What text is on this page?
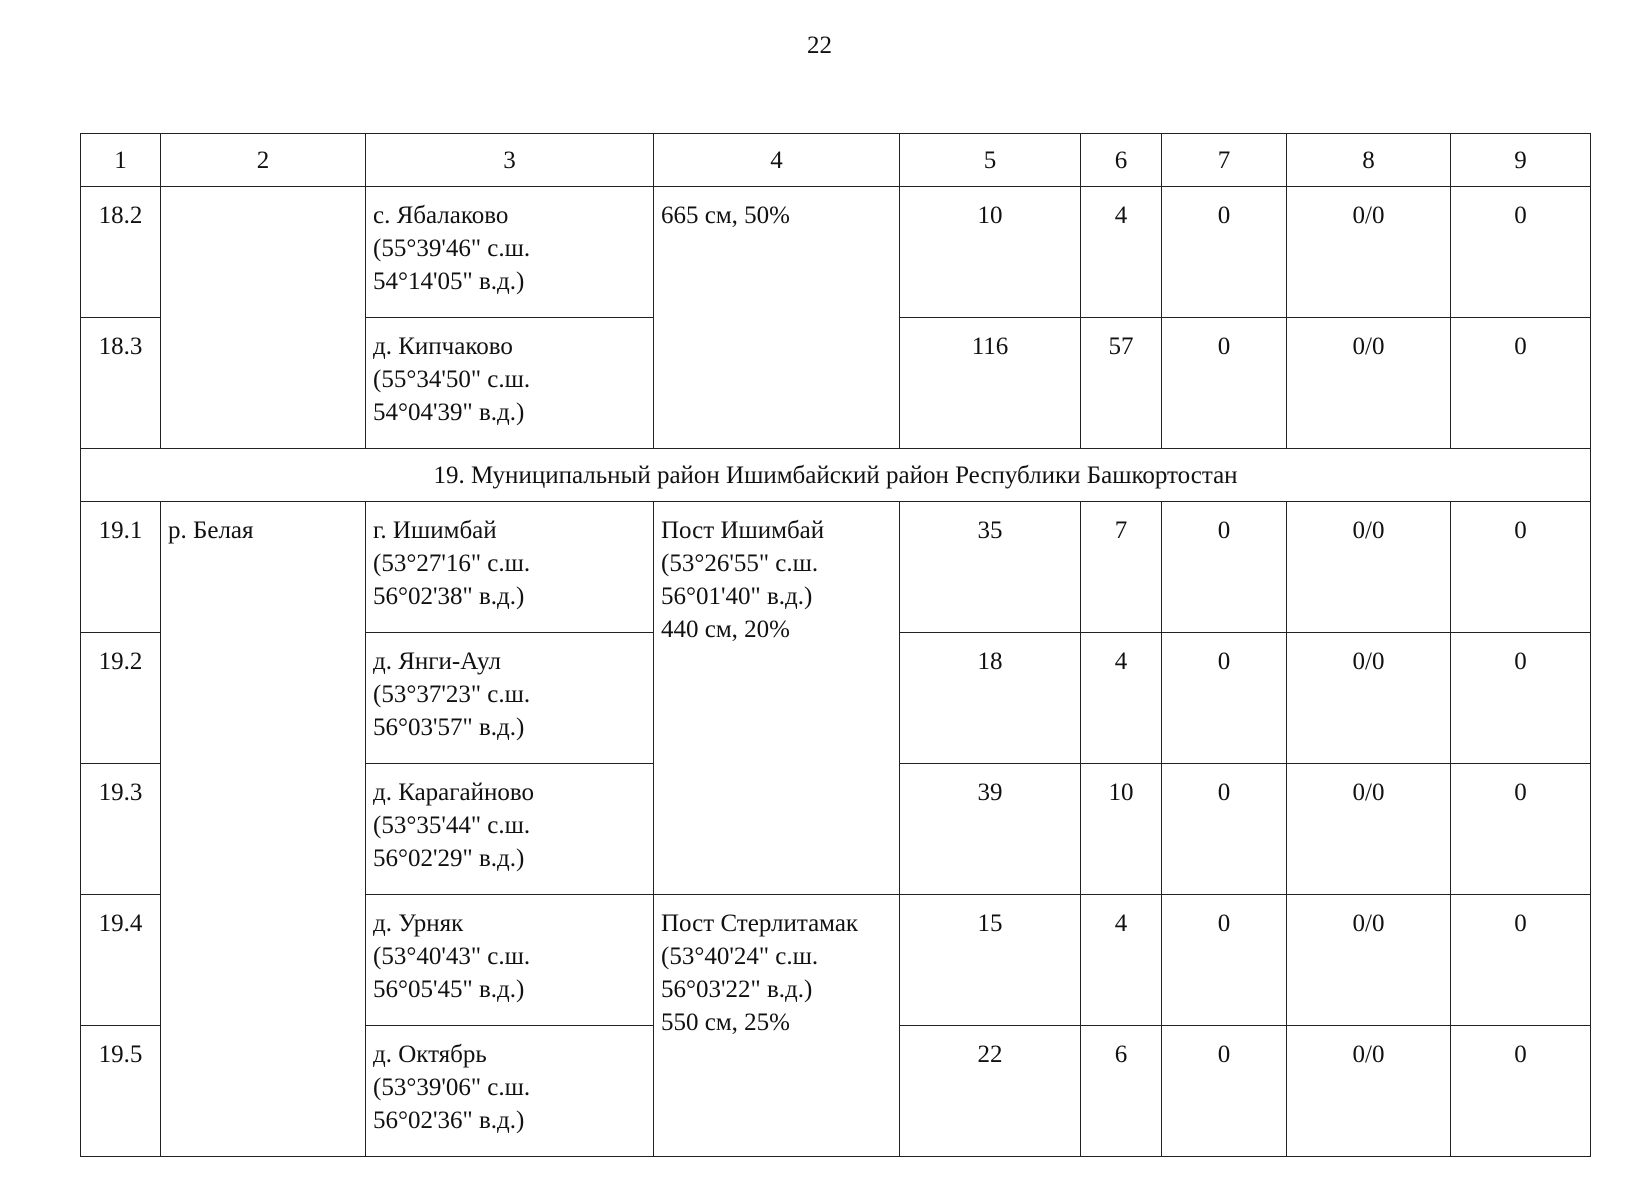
22
1	2	3	4	5	6	7	8	9
18.2		с. Ябалаково
(55°39'46" с.ш.
54°14'05" в.д.)	665 см, 50%	10	4	0	0/0	0
18.3		д. Кипчаково
(55°34'50" с.ш.
54°04'39" в.д.)		116	57	0	0/0	0
19. Муниципальный район Ишимбайский район Республики Башкортостан								
19.1	р. Белая	г. Ишимбай
(53°27'16" с.ш.
56°02'38" в.д.)	Пост Ишимбай
(53°26'55" с.ш.
56°01'40" в.д.)
440 см, 20%	35	7	0	0/0	0
19.2		д. Янги-Аул
(53°37'23" с.ш.
56°03'57" в.д.)		18	4	0	0/0	0
19.3		д. Карагайново
(53°35'44" с.ш.
56°02'29" в.д.)		39	10	0	0/0	0
19.4		д. Урняк
(53°40'43" с.ш.
56°05'45" в.д.)	Пост Стерлитамак
(53°40'24" с.ш.
56°03'22" в.д.)
550 см, 25%	15	4	0	0/0	0
19.5		д. Октябрь
(53°39'06" с.ш.
56°02'36" в.д.)		22	6	0	0/0	0
